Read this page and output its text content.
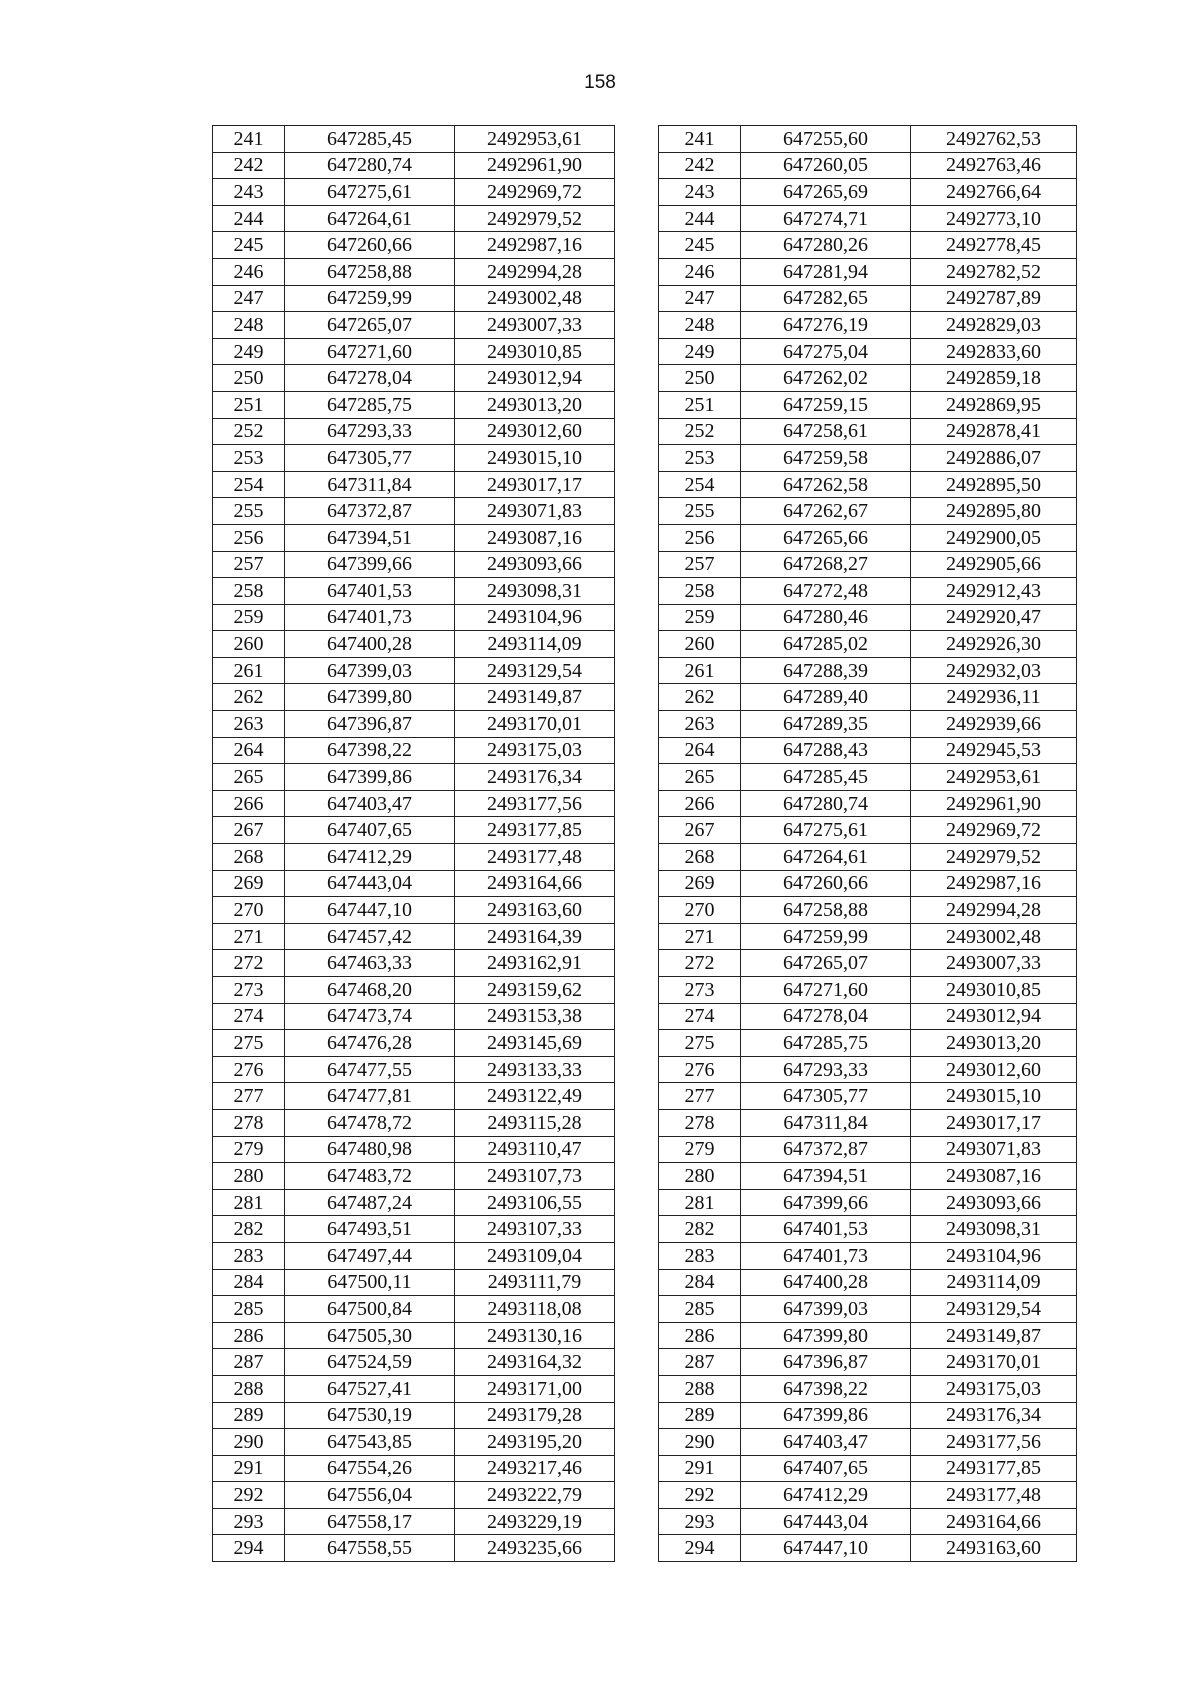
158
241	647285,45	2492953,61		241	647255,60	2492762,53
242	647280,74	2492961,90		242	647260,05	2492763,46
243	647275,61	2492969,72		243	647265,69	2492766,64
244	647264,61	2492979,52		244	647274,71	2492773,10
245	647260,66	2492987,16		245	647280,26	2492778,45
246	647258,88	2492994,28		246	647281,94	2492782,52
247	647259,99	2493002,48		247	647282,65	2492787,89
248	647265,07	2493007,33		248	647276,19	2492829,03
249	647271,60	2493010,85		249	647275,04	2492833,60
250	647278,04	2493012,94		250	647262,02	2492859,18
251	647285,75	2493013,20		251	647259,15	2492869,95
252	647293,33	2493012,60		252	647258,61	2492878,41
253	647305,77	2493015,10		253	647259,58	2492886,07
254	647311,84	2493017,17		254	647262,58	2492895,50
255	647372,87	2493071,83		255	647262,67	2492895,80
256	647394,51	2493087,16		256	647265,66	2492900,05
257	647399,66	2493093,66		257	647268,27	2492905,66
258	647401,53	2493098,31		258	647272,48	2492912,43
259	647401,73	2493104,96		259	647280,46	2492920,47
260	647400,28	2493114,09		260	647285,02	2492926,30
261	647399,03	2493129,54		261	647288,39	2492932,03
262	647399,80	2493149,87		262	647289,40	2492936,11
263	647396,87	2493170,01		263	647289,35	2492939,66
264	647398,22	2493175,03		264	647288,43	2492945,53
265	647399,86	2493176,34		265	647285,45	2492953,61
266	647403,47	2493177,56		266	647280,74	2492961,90
267	647407,65	2493177,85		267	647275,61	2492969,72
268	647412,29	2493177,48		268	647264,61	2492979,52
269	647443,04	2493164,66		269	647260,66	2492987,16
270	647447,10	2493163,60		270	647258,88	2492994,28
271	647457,42	2493164,39		271	647259,99	2493002,48
272	647463,33	2493162,91		272	647265,07	2493007,33
273	647468,20	2493159,62		273	647271,60	2493010,85
274	647473,74	2493153,38		274	647278,04	2493012,94
275	647476,28	2493145,69		275	647285,75	2493013,20
276	647477,55	2493133,33		276	647293,33	2493012,60
277	647477,81	2493122,49		277	647305,77	2493015,10
278	647478,72	2493115,28		278	647311,84	2493017,17
279	647480,98	2493110,47		279	647372,87	2493071,83
280	647483,72	2493107,73		280	647394,51	2493087,16
281	647487,24	2493106,55		281	647399,66	2493093,66
282	647493,51	2493107,33		282	647401,53	2493098,31
283	647497,44	2493109,04		283	647401,73	2493104,96
284	647500,11	2493111,79		284	647400,28	2493114,09
285	647500,84	2493118,08		285	647399,03	2493129,54
286	647505,30	2493130,16		286	647399,80	2493149,87
287	647524,59	2493164,32		287	647396,87	2493170,01
288	647527,41	2493171,00		288	647398,22	2493175,03
289	647530,19	2493179,28		289	647399,86	2493176,34
290	647543,85	2493195,20		290	647403,47	2493177,56
291	647554,26	2493217,46		291	647407,65	2493177,85
292	647556,04	2493222,79		292	647412,29	2493177,48
293	647558,17	2493229,19		293	647443,04	2493164,66
294	647558,55	2493235,66		294	647447,10	2493163,60
